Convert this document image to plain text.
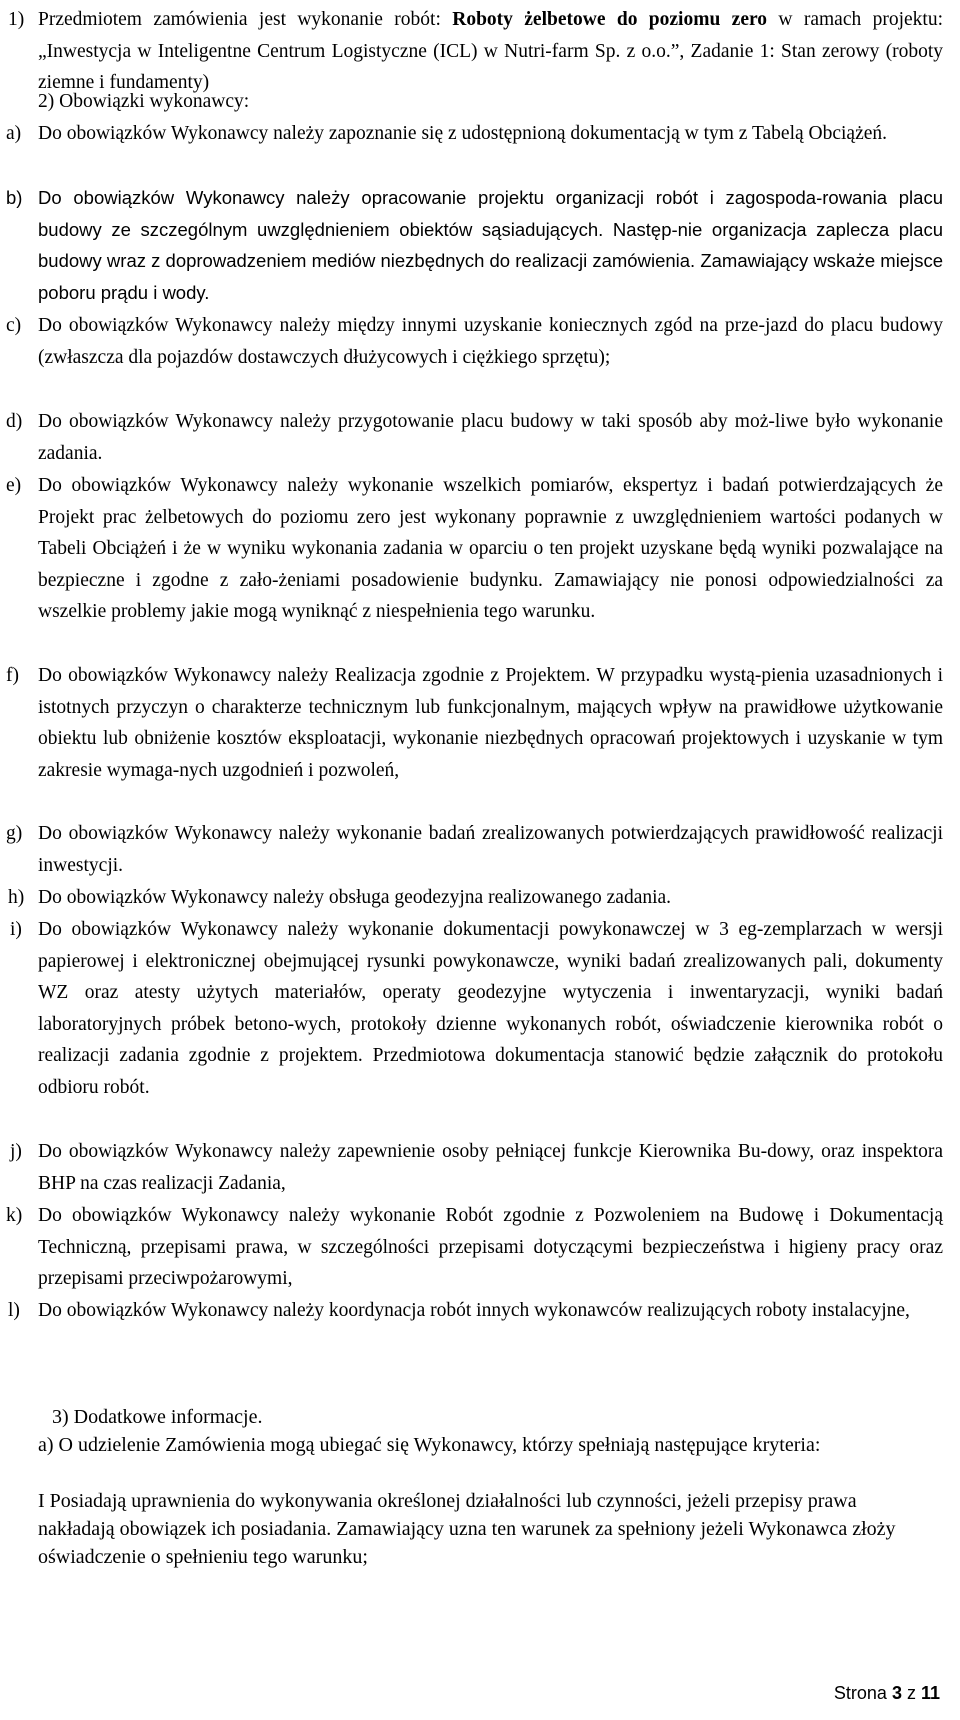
1) Przedmiotem zamówienia jest wykonanie robót: Roboty żelbetowe do poziomu zero w ramach projektu: „Inwestycja w Inteligentne Centrum Logistyczne (ICL) w Nutri-farm Sp. z o.o.”, Zadanie 1: Stan zerowy (roboty ziemne i fundamenty)
2) Obowiązki wykonawcy:
a) Do obowiązków Wykonawcy należy zapoznanie się z udostępnioną dokumentacją w tym z Tabelą Obciążeń.
b) Do obowiązków Wykonawcy należy opracowanie projektu organizacji robót i zagospoda-rowania placu budowy ze szczególnym uwzględnieniem obiektów sąsiadujących. Następ-nie organizacja zaplecza placu budowy wraz z doprowadzeniem mediów niezbędnych do realizacji zamówienia. Zamawiający wskaże miejsce poboru prądu i wody.
c) Do obowiązków Wykonawcy należy między innymi uzyskanie koniecznych zgód na prze-jazd do placu budowy (zwłaszcza dla pojazdów dostawczych dłużycowych i ciężkiego sprzętu);
d) Do obowiązków Wykonawcy należy przygotowanie placu budowy w taki sposób aby moż-liwe było wykonanie zadania.
e) Do obowiązków Wykonawcy należy wykonanie wszelkich pomiarów, ekspertyz i badań potwierdzających że Projekt prac żelbetowych do poziomu zero jest wykonany poprawnie z uwzględnieniem wartości podanych w Tabeli Obciążeń i że w wyniku wykonania zadania w oparciu o ten projekt uzyskane będą wyniki pozwalające na bezpieczne i zgodne z zało-żeniami posadowienie budynku. Zamawiający nie ponosi odpowiedzialności za wszelkie problemy jakie mogą wyniknąć z niespełnienia tego warunku.
f) Do obowiązków Wykonawcy należy Realizacja zgodnie z Projektem. W przypadku wystą-pienia uzasadnionych i istotnych przyczyn o charakterze technicznym lub funkcjonalnym, mających wpływ na prawidłowe użytkowanie obiektu lub obniżenie kosztów eksploatacji, wykonanie niezbędnych opracowań projektowych i uzyskanie w tym zakresie wymaga-nych uzgodnień i pozwoleń,
g) Do obowiązków Wykonawcy należy wykonanie badań zrealizowanych potwierdzających prawidłowość realizacji inwestycji.
h) Do obowiązków Wykonawcy należy obsługa geodezyjna realizowanego zadania.
i) Do obowiązków Wykonawcy należy wykonanie dokumentacji powykonawczej w 3 eg-zemplarzach w wersji papierowej i elektronicznej obejmującej rysunki powykonawcze, wyniki badań zrealizowanych pali, dokumenty WZ oraz atesty użytych materiałów, operaty geodezyjne wytyczenia i inwentaryzacji, wyniki badań laboratoryjnych próbek betono-wych, protokoły dzienne wykonanych robót, oświadczenie kierownika robót o realizacji zadania zgodnie z projektem. Przedmiotowa dokumentacja stanowić będzie załącznik do protokołu odbioru robót.
j) Do obowiązków Wykonawcy należy zapewnienie osoby pełniącej funkcje Kierownika Bu-dowy, oraz inspektora BHP na czas realizacji Zadania,
k) Do obowiązków Wykonawcy należy wykonanie Robót zgodnie z Pozwoleniem na Budowę i Dokumentacją Techniczną, przepisami prawa, w szczególności przepisami dotyczącymi bezpieczeństwa i higieny pracy oraz przepisami przeciwpożarowymi,
l) Do obowiązków Wykonawcy należy koordynacja robót innych wykonawców realizujących roboty instalacyjne,
3) Dodatkowe informacje.
a) O udzielenie Zamówienia mogą ubiegać się Wykonawcy, którzy spełniają następujące kryteria:
I Posiadają uprawnienia do wykonywania określonej działalności lub czynności, jeżeli przepisy prawa nakładają obowiązek ich posiadania. Zamawiający uzna ten warunek za spełniony jeżeli Wykonawca złoży oświadczenie o spełnieniu tego warunku;
Strona 3 z 11
